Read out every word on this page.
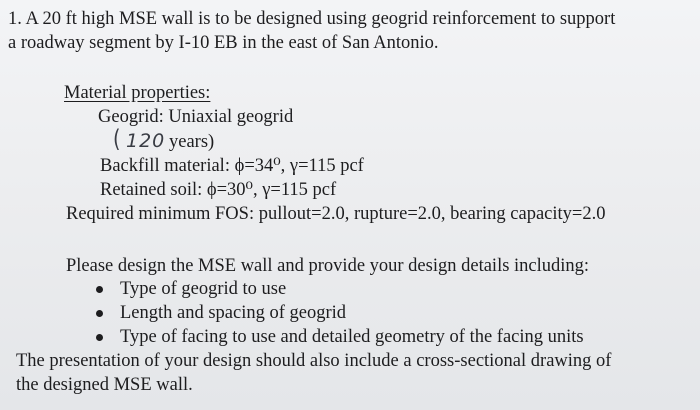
1. A 20 ft high MSE wall is to be designed using geogrid reinforcement to support
a roadway segment by I-10 EB in the east of San Antonio.
Material properties:
Geogrid: Uniaxial geogrid
( 120 years)
Backfill material: ϕ=34⁰, γ=115 pcf
Retained soil: ϕ=30⁰, γ=115 pcf
Required minimum FOS: pullout=2.0, rupture=2.0, bearing capacity=2.0
Please design the MSE wall and provide your design details including:
Type of geogrid to use
Length and spacing of geogrid
Type of facing to use and detailed geometry of the facing units
The presentation of your design should also include a cross-sectional drawing of
the designed MSE wall.
